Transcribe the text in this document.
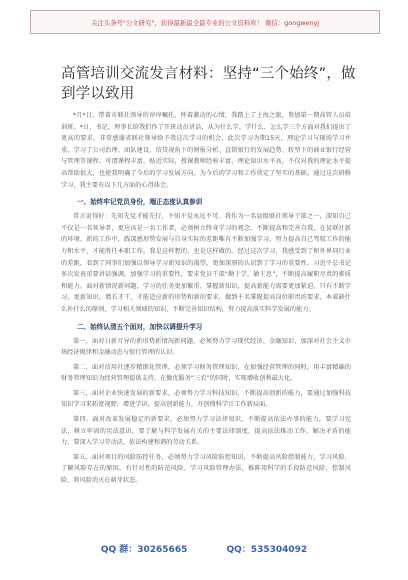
关注头条号"公文研究"，获得最新最全最专业的公文资料库！ 微信：gongwenyj
高管培训交流发言材料：坚持“三个始终”，做到学以致用

*月*日，带着市联社领导的谆谆嘱托，怀着激动的心情，我踏上了上海之旅，参加第一期高管人员培训班。*日，书记、理事长给我们作了开班动员讲话，从为什么学、学什么、怎么学三个方面对我们提出了更高的要求。非常感谢省联社领导给予我这次学习的机会，此次学习为期15天，理论学习与现场学习并重，学习了公司治理、团队建设、信贷视角下的财报分析、直销银行的发展趋势、转型下的商业银行经营与管理等课程，可谓课程丰富，贴近实际，授课教师经验丰富，理论知识水平高，不仅对我的理论水平提高帮助很大，也使我明确了今后的学习发展方向。为今后的学习和工作奠定了坚实的基础。通过这次研修学习，我主要有以下几方面的心得体会。

一、始终牢记党员身份，端正态度认真参训

常言说得好：先知先觉才能先行，不知不觉永远不可。我作为一名县级联社领导干部之一，深知自己不仅是一名领导者，更应该是一名工作者，必须树立终身学习的观念，不断提高和完善自我，在县联社新的环境、新的工作中，践深感形势发展与自身实际的差距唯有不断加强学习，努力提高自己驾驭工作的能力和水平，才能胜任本职工作。我是这样想的，也是这样做的。经过这次学习，我感受到了和外界同行业的差距，看到了同事们加强以领导学习新知识的渴望，更加深刻的认识到了学习的重要性。习近平总书记多次发表重要讲话强调，加强学习的重要性，要求党员干部“勤于学，敏于思”，不断提高履职尽责的素质和能力。面对新情况新问题，学习的任务更加繁重。掌握新知识，提高新能力需要更加紧迫，只有不断学习，更新知识，增长才干，才能适应新的形势和新的要求，做到千名掌握提高岗位职责的要求，本着缺什么补什么的原则，学习相关领域的知识，不断完善知识结构，努力提高落实科学发展的能力。

二、始终认清五个面对，加快以调提升学习

第一，面对日新月异的新形势新情况新问题，必须努力学习现代经济、金融知识，加深对社会主义市场经济规律和金融动态与银行管理的认识。

第二，面对信用社逐步精细化管理，必须学习财务管理知识，在加强经营管理的同时，用丰富精确的财务管理知识为经营管理提供支持。在做优服务“三农”的同时，实现增收创利最大化。

第三，面对企业快速发展的新要求，必须努力学习科技知识，不断提高创新的能力，要通过加强科技知识学习来拓宽视野，增进学识，提高创新能力，开创搜科学计工作新局面。

第四，面对改革发展稳定的新要求，必须努力学习法律知识，不断提高依法办事的能力，要学习宪法，树立牢固的宪法意识，要了解与科学发展有关的主要法律制度，提高依法推动工作、解决矛盾的能力，要深入学习劳动法，依法构建和谐的劳动关系。

第五，面对项目的风险防控任务，必须努力学习风险防控知识，不断提高风险控制能力，学习风险，了解风险存在的原因，有针对性的防范风险。学习风险管理办法，推陈用科学的手段防范风险，控制风险，将风险消灭在萌芽状态。

QQ 群：30265665	QQ：535304092
